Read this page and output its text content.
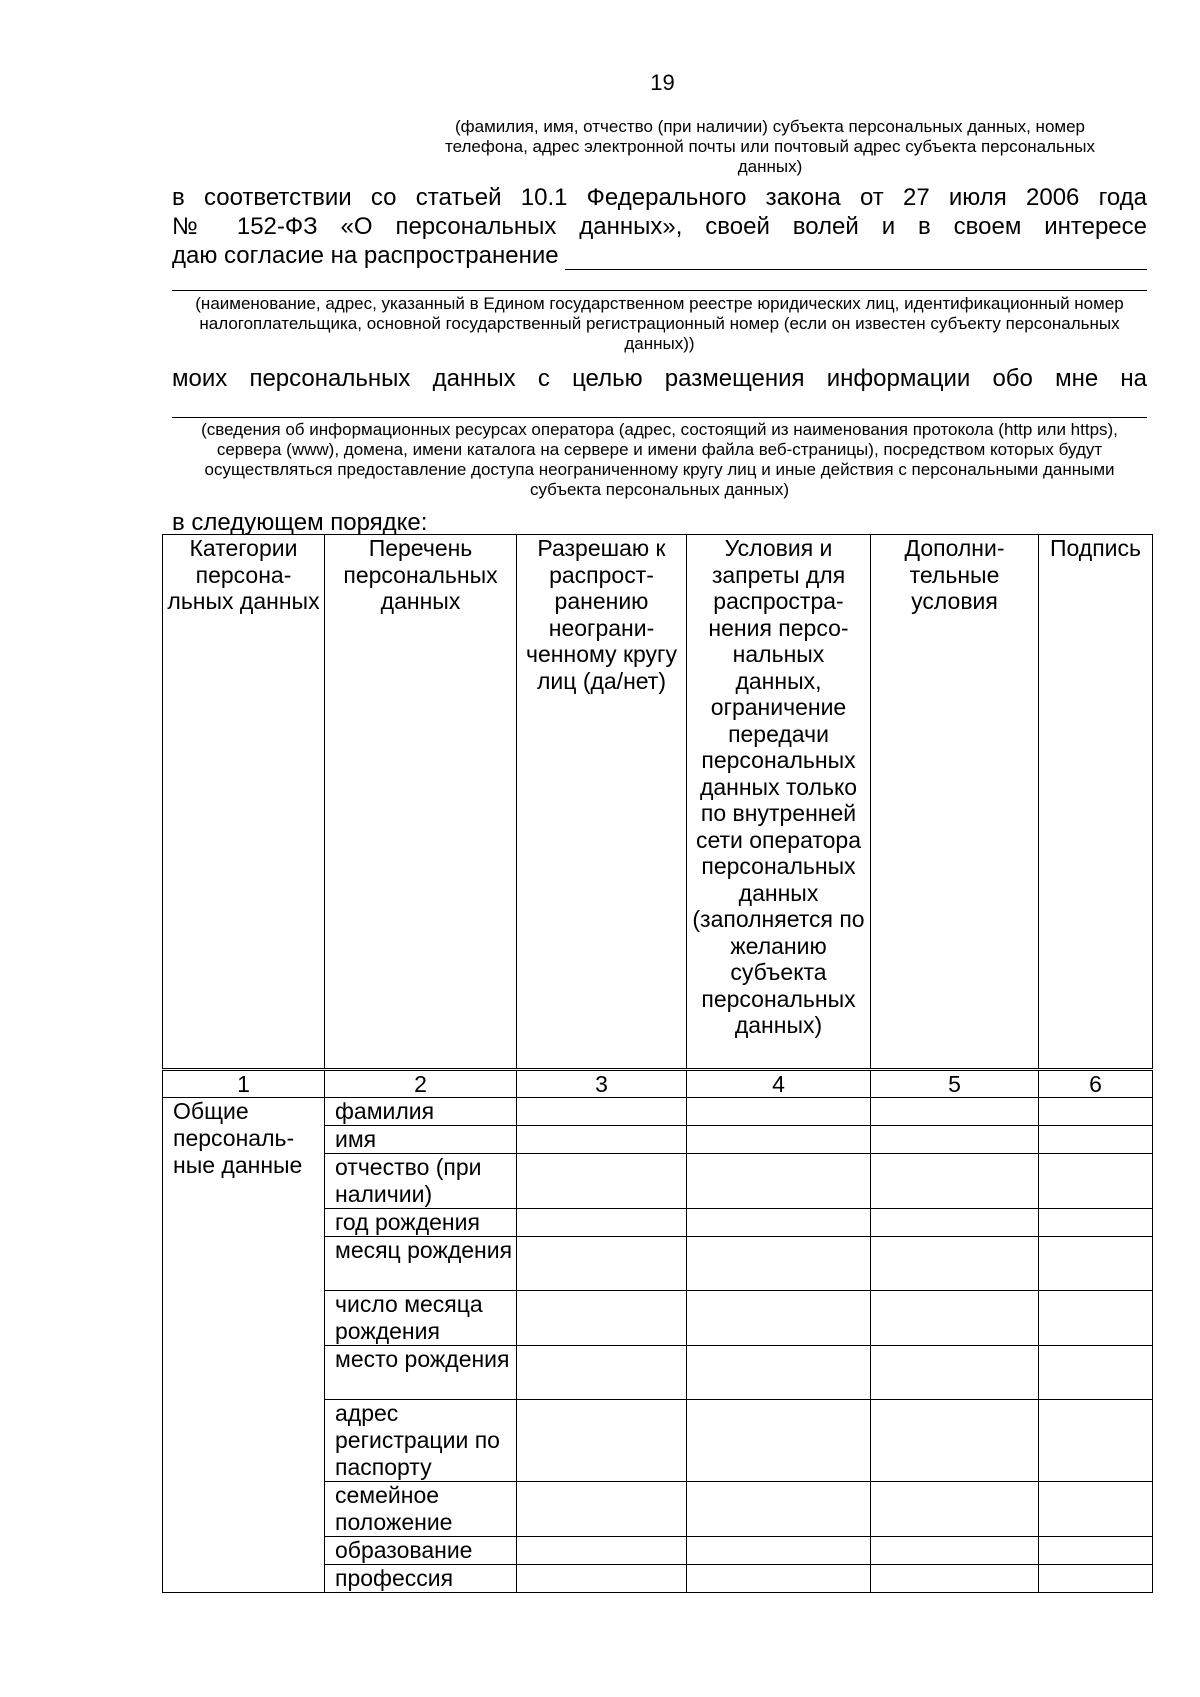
19
(фамилия, имя, отчество (при наличии) субъекта персональных данных, номер телефона, адрес электронной почты или почтовый адрес субъекта персональных данных)
в соответствии со статьей 10.1 Федерального закона от 27 июля 2006 года
№ 152-ФЗ «О персональных данных», своей волей и в своем интересе
даю согласие на распространение
(наименование, адрес, указанный в Едином государственном реестре юридических лиц, идентификационный номер налогоплательщика, основной государственный регистрационный номер (если он известен субъекту персональных данных))
моих персональных данных с целью размещения информации обо мне на
(сведения об информационных ресурсах оператора (адрес, состоящий из наименования протокола (http или https), сервера (www), домена, имени каталога на сервере и имени файла веб-страницы), посредством которых будут осуществляться предоставление доступа неограниченному кругу лиц и иные действия с персональными данными субъекта персональных данных)
в следующем порядке:
Категории персона-льных данных	Перечень персональных данных	Разрешаю к распрост-ранению неограни-ченному кругу лиц (да/нет)	Условия и запреты для распростра-нения персо-нальных данных, ограничение передачи персональных данных только по внутренней сети оператора персональных данных (заполняется по желанию субъекта персональных данных)	Дополни-тельные условия	Подпись
1	2	3	4	5	6
Общие персональ-ные данные	фамилия				
	имя				
	отчество (при наличии)				
	год рождения				
	месяц рождения				
	число месяца рождения				
	место рождения				
	адрес регистрации по паспорту				
	семейное положение				
	образование				
	профессия				
